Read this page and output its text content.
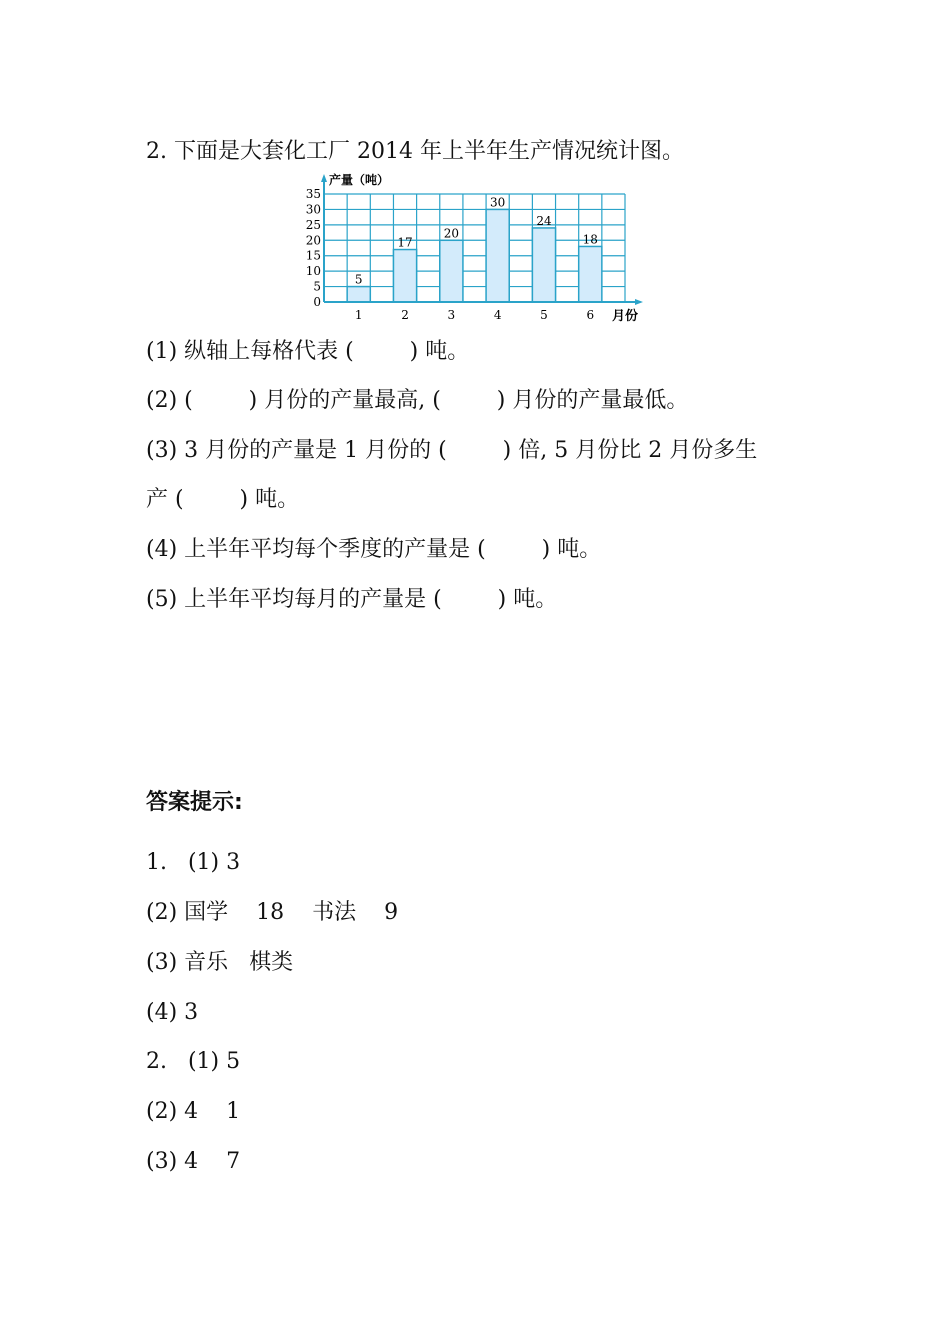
2. 下面是大套化工厂 2014 年上半年生产情况统计图。
产量（吨）
月份
5
1
17
2
20
3
30
4
24
5
18
6
0
5
10
15
20
25
30
35
(1) 纵轴上每格代表 (        ) 吨。
(2) (        ) 月份的产量最高, (        ) 月份的产量最低。
(3) 3 月份的产量是 1 月份的 (        ) 倍, 5 月份比 2 月份多生
产 (        ) 吨。
(4) 上半年平均每个季度的产量是 (        ) 吨。
(5) 上半年平均每月的产量是 (        ) 吨。
答案提示:
1.   (1) 3
(2) 国学    18    书法    9
(3) 音乐   棋类
(4) 3
2.   (1) 5
(2) 4    1
(3) 4    7
